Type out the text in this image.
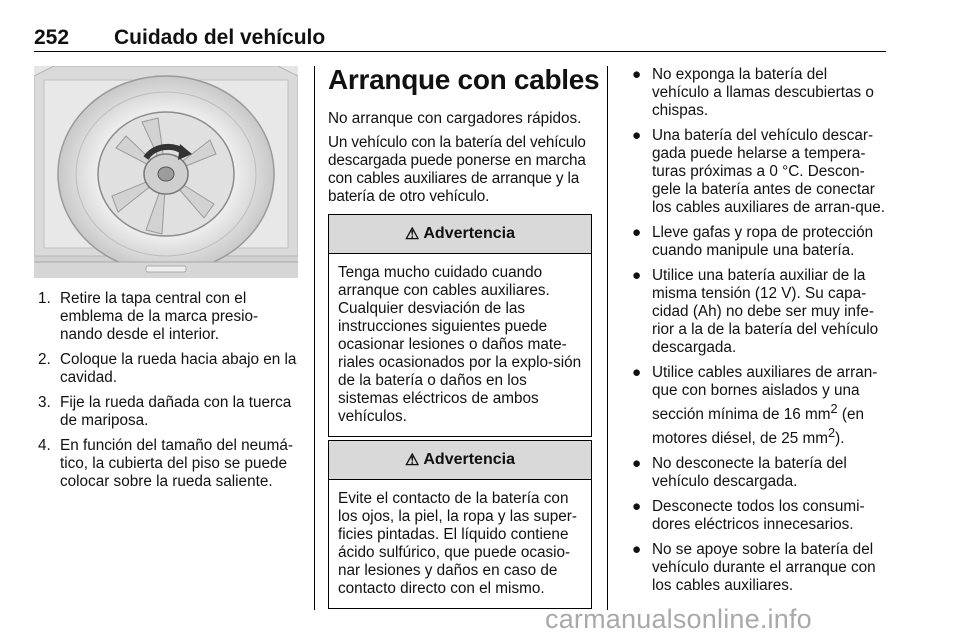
252 Cuidado del vehículo
1. Retire la tapa central con el emblema de la marca presio-nando desde el interior.
2. Coloque la rueda hacia abajo en la cavidad.
3. Fije la rueda dañada con la tuerca de mariposa.
4. En función del tamaño del neumá-tico, la cubierta del piso se puede colocar sobre la rueda saliente.
Arranque con cables

No arranque con cargadores rápidos.

Un vehículo con la batería del vehículo descargada puede ponerse en marcha con cables auxiliares de arranque y la batería de otro vehículo.

⚠ Advertencia
Tenga mucho cuidado cuando arranque con cables auxiliares. Cualquier desviación de las instrucciones siguientes puede ocasionar lesiones o daños mate-riales ocasionados por la explo-sión de la batería o daños en los sistemas eléctricos de ambos vehículos.
⚠ Advertencia
Evite el contacto de la batería con los ojos, la piel, la ropa y las super-ficies pintadas. El líquido contiene ácido sulfúrico, que puede ocasio-nar lesiones y daños en caso de contacto directo con el mismo.
● No exponga la batería del vehículo a llamas descubiertas o chispas.
● Una batería del vehículo descar-gada puede helarse a tempera-turas próximas a 0 °C. Descon-gele la batería antes de conectar los cables auxiliares de arran-que.
● Lleve gafas y ropa de protección cuando manipule una batería.
● Utilice una batería auxiliar de la misma tensión (12 V). Su capa-cidad (Ah) no debe ser muy infe-rior a la de la batería del vehículo descargada.
● Utilice cables auxiliares de arran-que con bornes aislados y una sección mínima de 16 $mm^2$ (en motores diésel, de 25 $mm^2$).
● No desconecte la batería del vehículo descargada.
● Desconecte todos los consumi-dores eléctricos innecesarios.
● No se apoye sobre la batería del vehículo durante el arranque con los cables auxiliares.
carmanualsonline.info
